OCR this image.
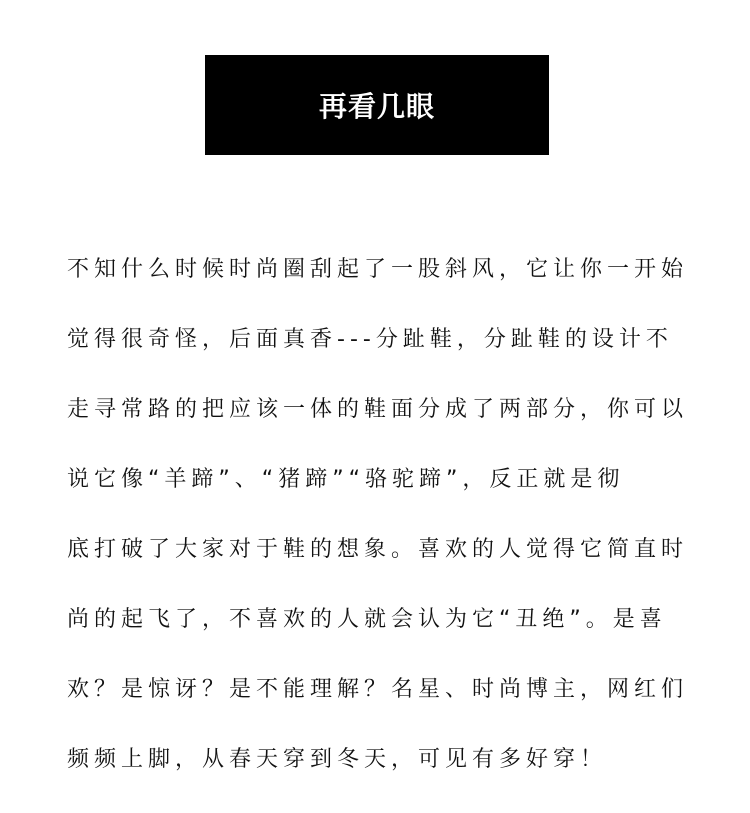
再看几眼
不知什么时候时尚圈刮起了一股斜风，它让你一开始
觉得很奇怪，后面真香---分趾鞋，分趾鞋的设计不
走寻常路的把应该一体的鞋面分成了两部分，你可以
说它像“羊蹄”、“猪蹄”“骆驼蹄”，反正就是彻
底打破了大家对于鞋的想象。喜欢的人觉得它简直时
尚的起飞了，不喜欢的人就会认为它“丑绝”。是喜
欢？是惊讶？是不能理解？名星、时尚博主，网红们
频频上脚，从春天穿到冬天，可见有多好穿！
